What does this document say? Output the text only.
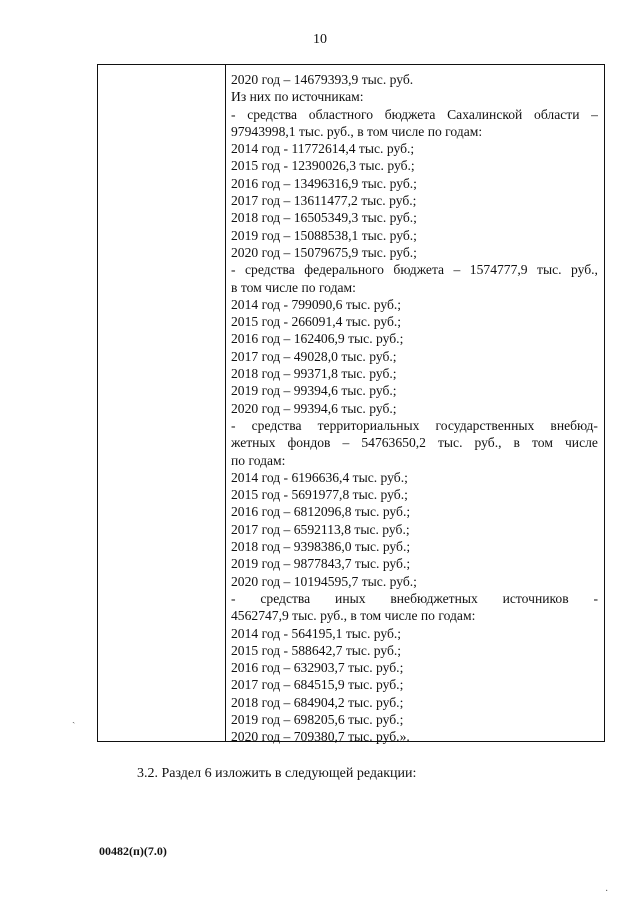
10
2020 год – 14679393,9 тыс. руб.
Из них по источникам:
- средства областного бюджета Сахалинской области –
97943998,1 тыс. руб., в том числе по годам:
2014 год - 11772614,4 тыс. руб.;
2015 год - 12390026,3 тыс. руб.;
2016 год – 13496316,9 тыс. руб.;
2017 год – 13611477,2 тыс. руб.;
2018 год – 16505349,3 тыс. руб.;
2019 год – 15088538,1 тыс. руб.;
2020 год – 15079675,9 тыс. руб.;
- средства федерального бюджета – 1574777,9 тыс. руб.,
в том числе по годам:
2014 год - 799090,6 тыс. руб.;
2015 год - 266091,4 тыс. руб.;
2016 год – 162406,9 тыс. руб.;
2017 год – 49028,0 тыс. руб.;
2018 год – 99371,8 тыс. руб.;
2019 год – 99394,6 тыс. руб.;
2020 год – 99394,6 тыс. руб.;
- средства территориальных государственных внебюд-
жетных фондов – 54763650,2 тыс. руб., в том числе
по годам:
2014 год - 6196636,4 тыс. руб.;
2015 год - 5691977,8 тыс. руб.;
2016 год – 6812096,8 тыс. руб.;
2017 год – 6592113,8 тыс. руб.;
2018 год – 9398386,0 тыс. руб.;
2019 год – 9877843,7 тыс. руб.;
2020 год – 10194595,7 тыс. руб.;
- средства иных внебюджетных источников -
4562747,9 тыс. руб., в том числе по годам:
2014 год - 564195,1 тыс. руб.;
2015 год - 588642,7 тыс. руб.;
2016 год – 632903,7 тыс. руб.;
2017 год – 684515,9 тыс. руб.;
2018 год – 684904,2 тыс. руб.;
2019 год – 698205,6 тыс. руб.;
2020 год – 709380,7 тыс. руб.».
3.2. Раздел 6 изложить в следующей редакции:
00482(п)(7.0)
ˏ
·
